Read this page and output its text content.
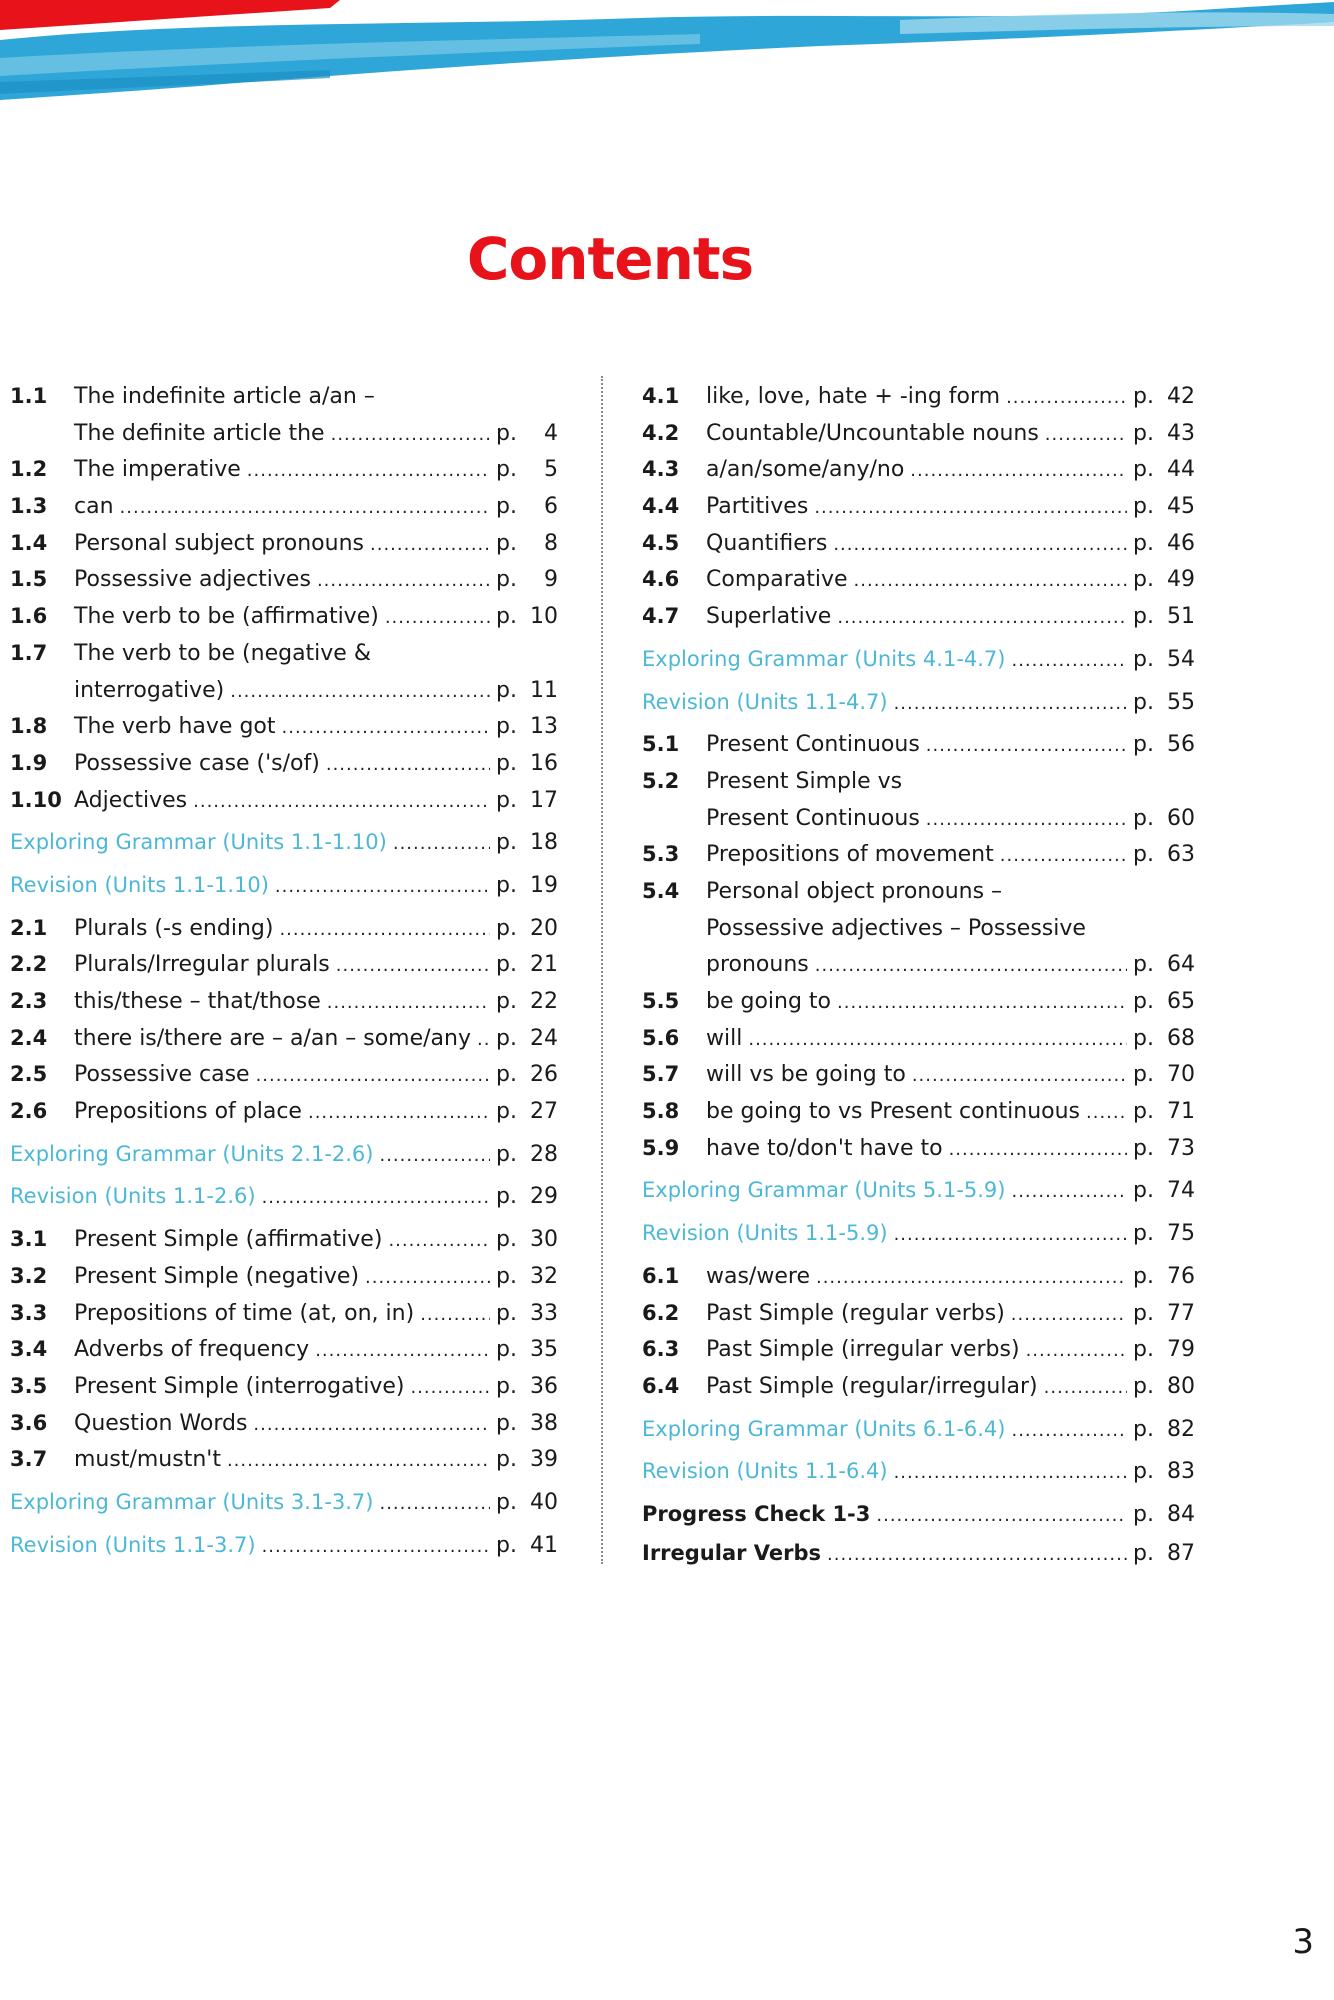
Contents
1.1	The indefinite article a/an –
The definite article the .....	p.	4
1.2	The imperative .....	p.	5
1.3	can .....	p.	6
1.4	Personal subject pronouns .....	p.	8
1.5	Possessive adjectives .....	p.	9
1.6	The verb to be (affirmative) .....	p. 10
1.7	The verb to be (negative &
interrogative) .....	p. 11
1.8	The verb have got .....	p. 13
1.9	Possessive case ('s/of) .....	p. 16
1.10 Adjectives .....	p. 17
Exploring Grammar (Units 1.1-1.10) .....	p. 18
Revision (Units 1.1-1.10) .....	p. 19
2.1	Plurals (-s ending) .....	p. 20
2.2	Plurals/Irregular plurals .....	p. 21
2.3	this/these – that/those .....	p. 22
2.4	there is/there are – a/an – some/any ..... p. 24
2.5	Possessive case .....	p. 26
2.6	Prepositions of place .....	p. 27
Exploring Grammar (Units 2.1-2.6) .....	p. 28
Revision (Units 1.1-2.6) .....	p. 29
3.1	Present Simple (affirmative) .....	p. 30
3.2	Present Simple (negative) .....	p. 32
3.3	Prepositions of time (at, on, in) .....	p. 33
3.4	Adverbs of frequency .....	p. 35
3.5	Present Simple (interrogative) .....	p. 36
3.6	Question Words .....	p. 38
3.7	must/mustn't .....	p. 39
Exploring Grammar (Units 3.1-3.7) .....	p. 40
Revision (Units 1.1-3.7) .....	p. 41
4.1	like, love, hate + -ing form .....	p. 42
4.2	Countable/Uncountable nouns .....	p. 43
4.3	a/an/some/any/no .....	p. 44
4.4	Partitives .....	p. 45
4.5	Quantifiers .....	p. 46
4.6	Comparative .....	p. 49
4.7	Superlative .....	p. 51
Exploring Grammar (Units 4.1-4.7) .....	p. 54
Revision (Units 1.1-4.7) .....	p. 55
5.1	Present Continuous .....	p. 56
5.2	Present Simple vs
Present Continuous .....	p. 60
5.3	Prepositions of movement .....	p. 63
5.4	Personal object pronouns –
Possessive adjectives – Possessive
pronouns .....	p. 64
5.5	be going to .....	p. 65
5.6	will .....	p. 68
5.7	will vs be going to .....	p. 70
5.8	be going to vs Present continuous ..... p. 71
5.9	have to/don't have to .....	p. 73
Exploring Grammar (Units 5.1-5.9) .....	p. 74
Revision (Units 1.1-5.9) .....	p. 75
6.1	was/were .....	p. 76
6.2	Past Simple (regular verbs) .....	p. 77
6.3	Past Simple (irregular verbs) .....	p. 79
6.4	Past Simple (regular/irregular) .....	p. 80
Exploring Grammar (Units 6.1-6.4) .....	p. 82
Revision (Units 1.1-6.4) .....	p. 83
Progress Check 1-3 .....	p. 84
Irregular Verbs .....	p. 87
3
